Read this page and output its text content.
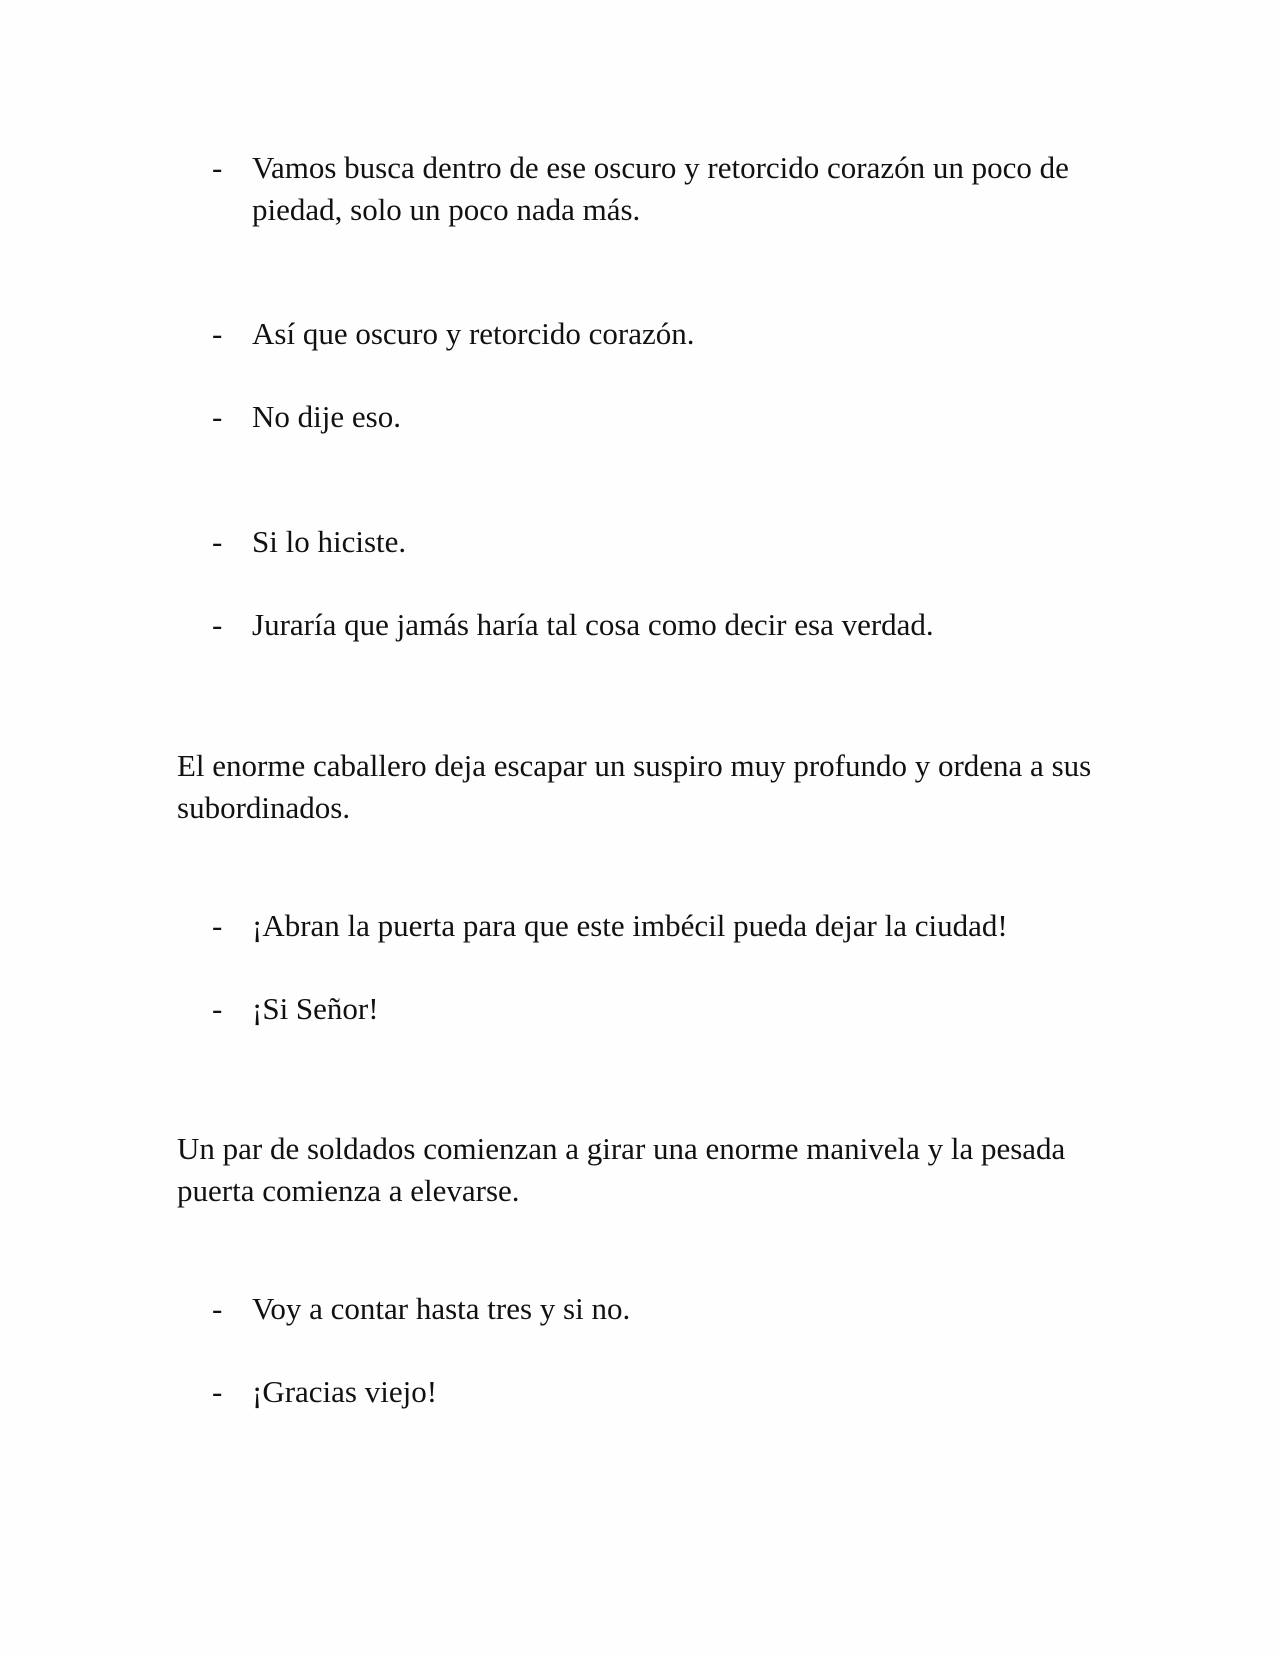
- Vamos busca dentro de ese oscuro y retorcido corazón un poco de piedad, solo un poco nada más.
- Así que oscuro y retorcido corazón.
- No dije eso.
- Si lo hiciste.
- Juraría que jamás haría tal cosa como decir esa verdad.
El enorme caballero deja escapar un suspiro muy profundo y ordena a sus subordinados.
- ¡Abran la puerta para que este imbécil pueda dejar la ciudad!
- ¡Si Señor!
Un par de soldados comienzan a girar una enorme manivela y la pesada puerta comienza a elevarse.
- Voy a contar hasta tres y si no.
- ¡Gracias viejo!
